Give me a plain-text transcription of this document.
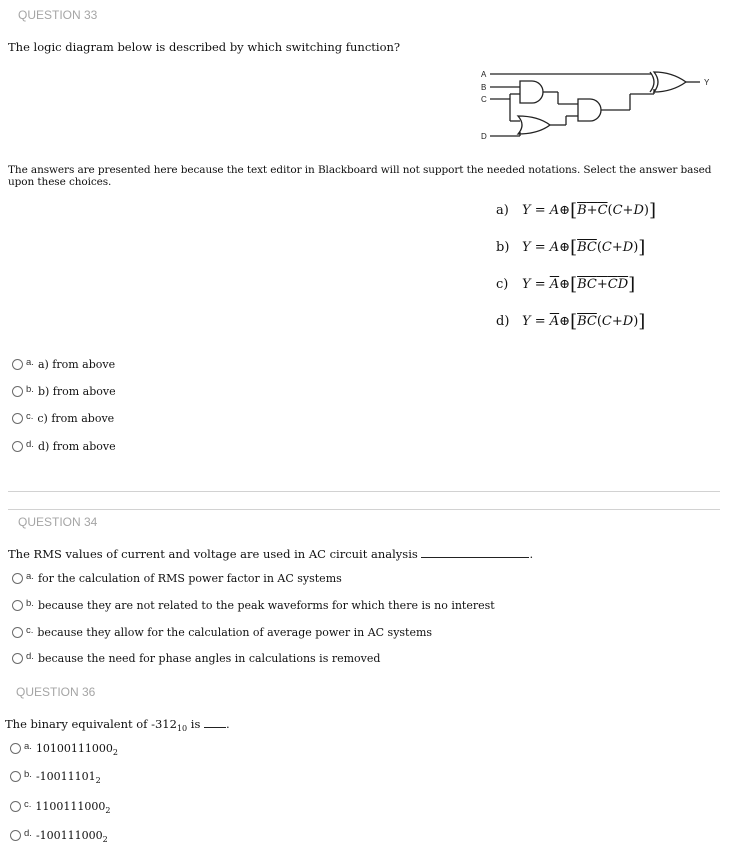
QUESTION 33
The logic diagram below is described by which switching function?
A
B
C
D
Y
The answers are presented here because the text editor in Blackboard will not support the needed notations. Select the answer based upon these choices.
a) Y = A⊕[B+C(C+D)]
b) $Y = A\oplus[\overline{BC}(C+D)]$
c) $Y = \overline{A}\oplus[BC+CD]$
d) $Y = \overline{A}\oplus[\overline{BC}(C+D)]$
a. a) from above
b. b) from above
c. c) from above
d. d) from above
QUESTION 34
The RMS values of current and voltage are used in AC circuit analysis	.
a. for the calculation of RMS power factor in AC systems
b. because they are not related to the peak waveforms for which there is no interest
c. because they allow for the calculation of average power in AC systems
d. because the need for phase angles in calculations is removed
QUESTION 36
The binary equivalent of $-312_{10}$ is .
a. $10100111000_2$
b. $-10011101_2$
c. $1100111000_2$
d. $-100111000_2$
